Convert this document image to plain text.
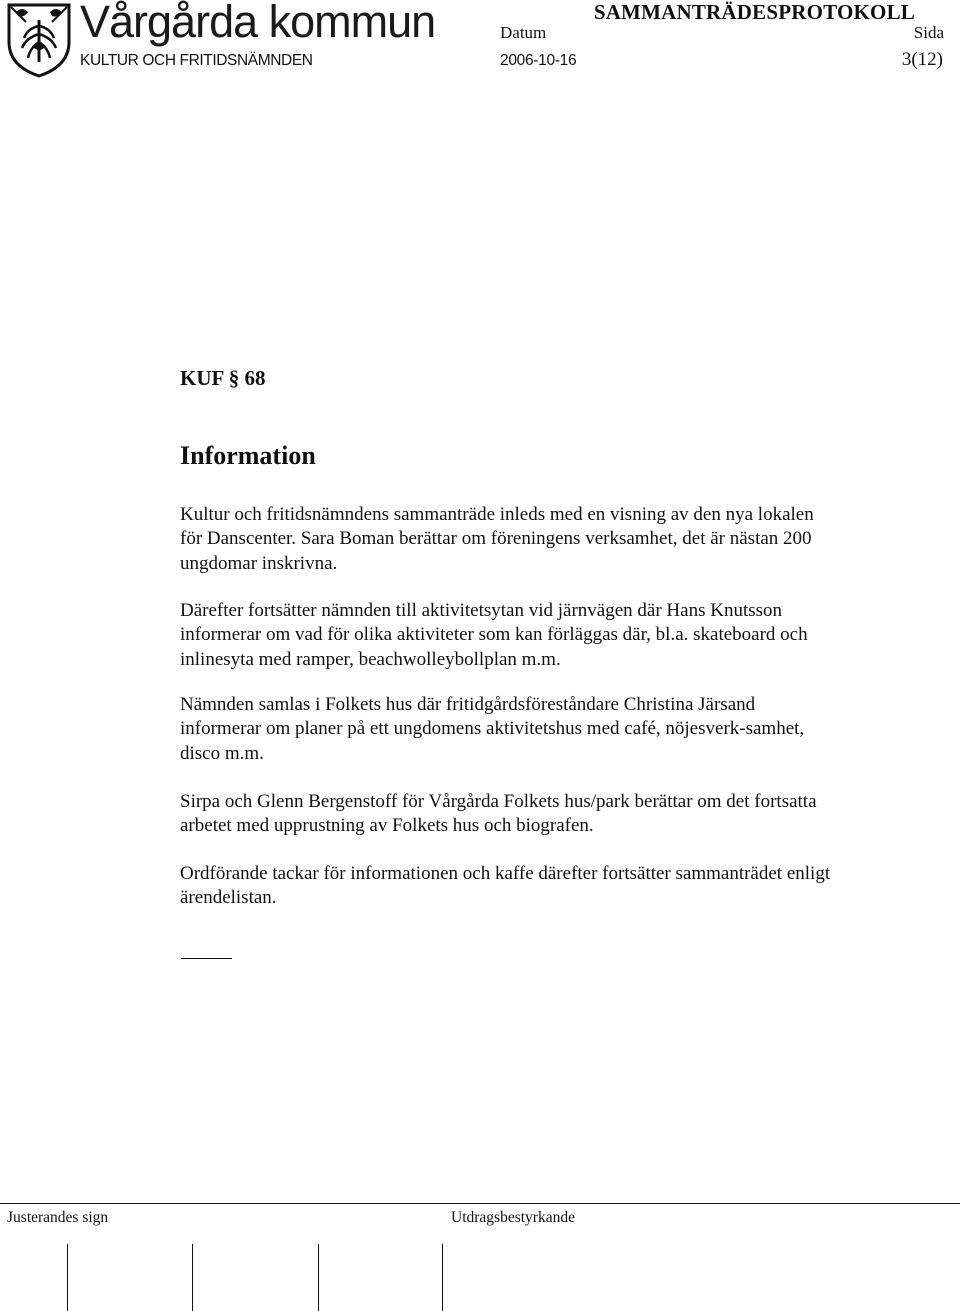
Vårgårda kommun
KULTUR OCH FRITIDSNÄMNDEN
Datum
2006-10-16
SAMMANTRÄDESPROTOKOLL
Sida
3(12)
KUF § 68
Information
Kultur och fritidsnämndens sammanträde inleds med en visning av den nya lokalen för Danscenter. Sara Boman berättar om föreningens verksamhet, det är nästan 200 ungdomar inskrivna.
Därefter fortsätter nämnden till aktivitetsytan vid järnvägen där Hans Knutsson informerar om vad för olika aktiviteter som kan förläggas där, bl.a. skateboard och inlinesyta med ramper, beachwolleybollplan m.m.
Nämnden samlas i Folkets hus där fritidgårdsföreståndare Christina Järsand informerar om planer på ett ungdomens aktivitetshus med café, nöjesverk-samhet, disco m.m.
Sirpa och Glenn Bergenstoff för Vårgårda Folkets hus/park berättar om det fortsatta arbetet med upprustning av Folkets hus och biografen.
Ordförande tackar för informationen och kaffe därefter fortsätter sammanträdet enligt ärendelistan.
Justerandes sign	Utdragsbestyrkande
